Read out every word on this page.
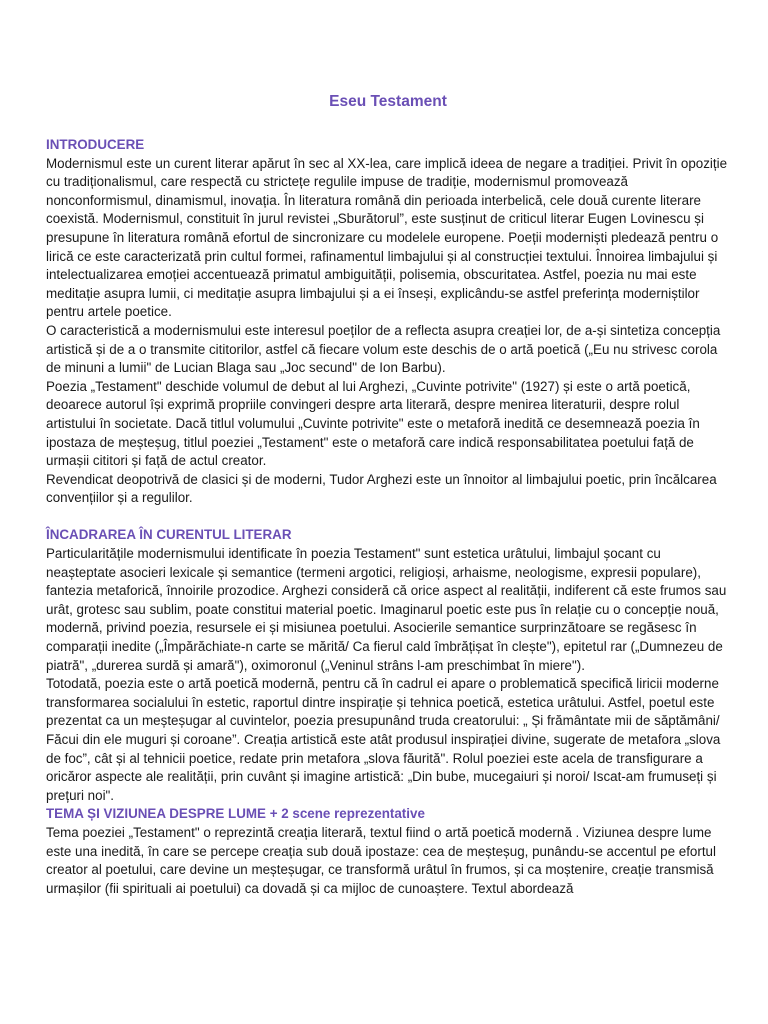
Eseu Testament
INTRODUCERE

Modernismul este un curent literar apărut în sec al XX-lea, care implică ideea de negare a tradiției. Privit în opoziție cu tradiționalismul, care respectă cu strictețe regulile impuse de tradiție, modernismul promovează nonconformismul, dinamismul, inovația. În literatura română din perioada interbelică, cele două curente literare coexistă. Modernismul, constituit în jurul revistei „Sburătorul”, este susținut de criticul literar Eugen Lovinescu și presupune în literatura română efortul de sincronizare cu modelele europene. Poeții moderniști pledează pentru o lirică ce este caracterizată prin cultul formei, rafinamentul limbajului și al construcției textului. Înnoirea limbajului și intelectualizarea emoției accentuează primatul ambiguității, polisemia, obscuritatea. Astfel, poezia nu mai este meditație asupra lumii, ci meditație asupra limbajului și a ei înseși, explicându-se astfel preferința moderniștilor pentru artele poetice.

O caracteristică a modernismului este interesul poeților de a reflecta asupra creației lor, de a-și sintetiza concepția artistică și de a o transmite cititorilor, astfel că fiecare volum este deschis de o artă poetică („Eu nu strivesc corola de minuni a lumii" de Lucian Blaga sau „Joc secund" de Ion Barbu).

Poezia „Testament" deschide volumul de debut al lui Arghezi, „Cuvinte potrivite" (1927) și este o artă poetică, deoarece autorul își exprimă propriile convingeri despre arta literară, despre menirea literaturii, despre rolul artistului în societate. Dacă titlul volumului „Cuvinte potrivite" este o metaforă inedită ce desemnează poezia în ipostaza de meșteșug, titlul poeziei „Testament" este o metaforă care indică responsabilitatea poetului față de urmașii cititori și față de actul creator.

Revendicat deopotrivă de clasici și de moderni, Tudor Arghezi este un înnoitor al limbajului poetic, prin încălcarea convențiilor și a regulilor.

ÎNCADRAREA ÎN CURENTUL LITERAR

Particularitățile modernismului identificate în poezia Testament" sunt estetica urâtului, limbajul șocant cu neașteptate asocieri lexicale și semantice (termeni argotici, religioși, arhaisme, neologisme, expresii populare), fantezia metaforică, înnoirile prozodice. Arghezi consideră că orice aspect al realității, indiferent că este frumos sau urât, grotesc sau sublim, poate constitui material poetic. Imaginarul poetic este pus în relație cu o concepție nouă, modernă, privind poezia, resursele ei și misiunea poetului. Asocierile semantice surprinzătoare se regăsesc în comparații inedite („Împărăchiate-n carte se mărită/ Ca fierul cald îmbrățișat în clește"), epitetul rar („Dumnezeu de piatră", „durerea surdă și amară"), oximoronul („Veninul strâns l-am preschimbat în miere").

Totodată, poezia este o artă poetică modernă, pentru că în cadrul ei apare o problematică specifică liricii moderne transformarea socialului în estetic, raportul dintre inspirație și tehnica poetică, estetica urâtului. Astfel, poetul este prezentat ca un meșteșugar al cuvintelor, poezia presupunând truda creatorului: „ Și frământate mii de săptămâni/ Făcui din ele muguri și coroane”. Creația artistică este atât produsul inspirației divine, sugerate de metafora „slova de foc”, cât și al tehnicii poetice, redate prin metafora „slova făurită". Rolul poeziei este acela de transfigurare a oricăror aspecte ale realității, prin cuvânt și imagine artistică: „Din bube, mucegaiuri și noroi/ Iscat-am frumuseți și prețuri noi".

TEMA ȘI VIZIUNEA DESPRE LUME + 2 scene reprezentative

Tema poeziei „Testament" o reprezintă creația literară, textul fiind o artă poetică modernă . Viziunea despre lume este una inedită, în care se percepe creația sub două ipostaze: cea de meșteșug, punându-se accentul pe efortul creator al poetului, care devine un meșteșugar, ce transformă urâtul în frumos, și ca moștenire, creație transmisă urmașilor (fii spirituali ai poetului) ca dovadă și ca mijloc de cunoaștere. Textul abordează
